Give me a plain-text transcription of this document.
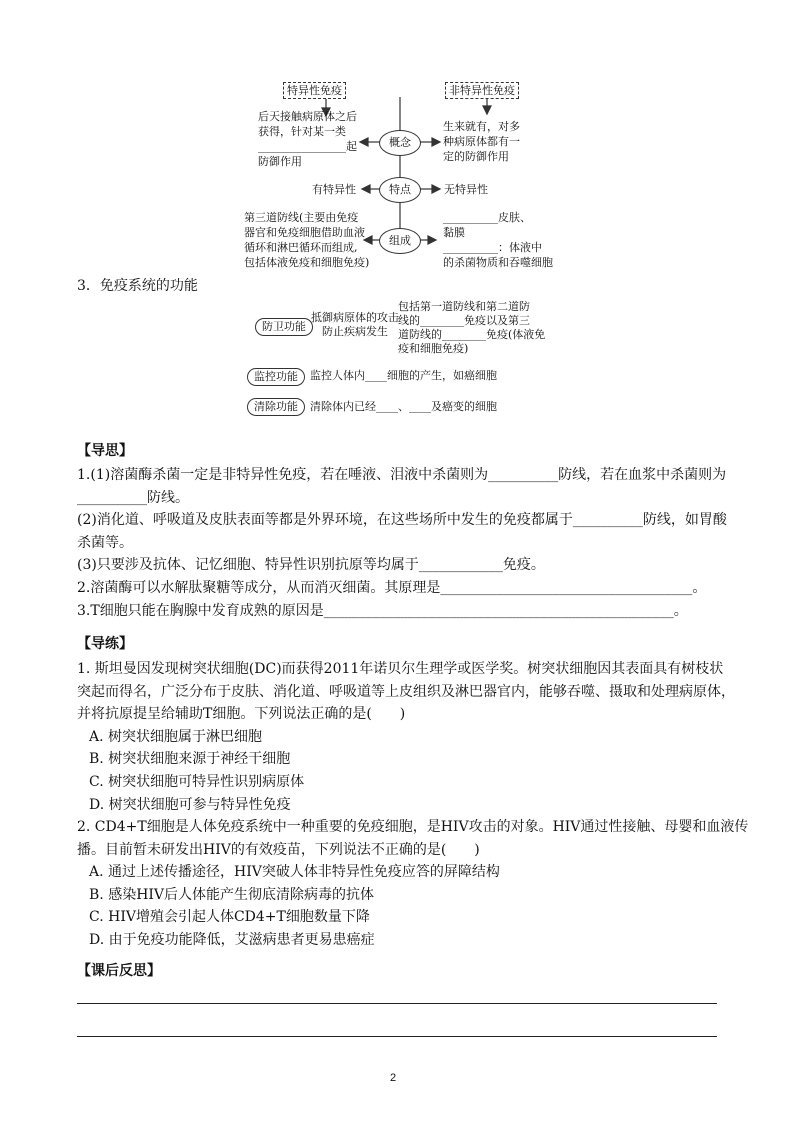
特异性免疫	非特异性免疫
概念
特点
组成
后天接触病原体之后
获得，针对某一类
________________起
防御作用
生来就有，对多
种病原体都有一
定的防御作用
有特异性	无特异性
第三道防线(主要由免疫
器官和免疫细胞借助血液
循环和淋巴循环而组成,
包括体液免疫和细胞免疫)
__________皮肤、
黏膜
__________：体液中
的杀菌物质和吞噬细胞
3．免疫系统的功能
防卫功能
抵御病原体的攻击
防止疾病发生
包括第一道防线和第二道防
线的________免疫以及第三
道防线的________免疫(体液免
疫和细胞免疫)
监控功能	监控人体内____细胞的产生，如癌细胞
清除功能	清除体内已经____、____及癌变的细胞
【导思】
1.(1)溶菌酶杀菌一定是非特异性免疫，若在唾液、泪液中杀菌则为__________防线，若在血浆中杀菌则为
__________防线。
(2)消化道、呼吸道及皮肤表面等都是外界环境，在这些场所中发生的免疫都属于__________防线，如胃酸
杀菌等。
(3)只要涉及抗体、记忆细胞、特异性识别抗原等均属于____________免疫。
2.溶菌酶可以水解肽聚糖等成分，从而消灭细菌。其原理是____________________________________。
3.T细胞只能在胸腺中发育成熟的原因是__________________________________________________。
【导练】
1. 斯坦曼因发现树突状细胞(DC)而获得2011年诺贝尔生理学或医学奖。树突状细胞因其表面具有树枝状
突起而得名，广泛分布于皮肤、消化道、呼吸道等上皮组织及淋巴器官内，能够吞噬、摄取和处理病原体，
并将抗原提呈给辅助T细胞。下列说法正确的是(　　)
A. 树突状细胞属于淋巴细胞
B. 树突状细胞来源于神经干细胞
C. 树突状细胞可特异性识别病原体
D. 树突状细胞可参与特异性免疫
2. CD4+T细胞是人体免疫系统中一种重要的免疫细胞，是HIV攻击的对象。HIV通过性接触、母婴和血液传
播。目前暂未研发出HIV的有效疫苗，下列说法不正确的是(　　)
A. 通过上述传播途径，HIV突破人体非特异性免疫应答的屏障结构
B. 感染HIV后人体能产生彻底清除病毒的抗体
C. HIV增殖会引起人体CD4+T细胞数量下降
D. 由于免疫功能降低，艾滋病患者更易患癌症
【课后反思】
2
